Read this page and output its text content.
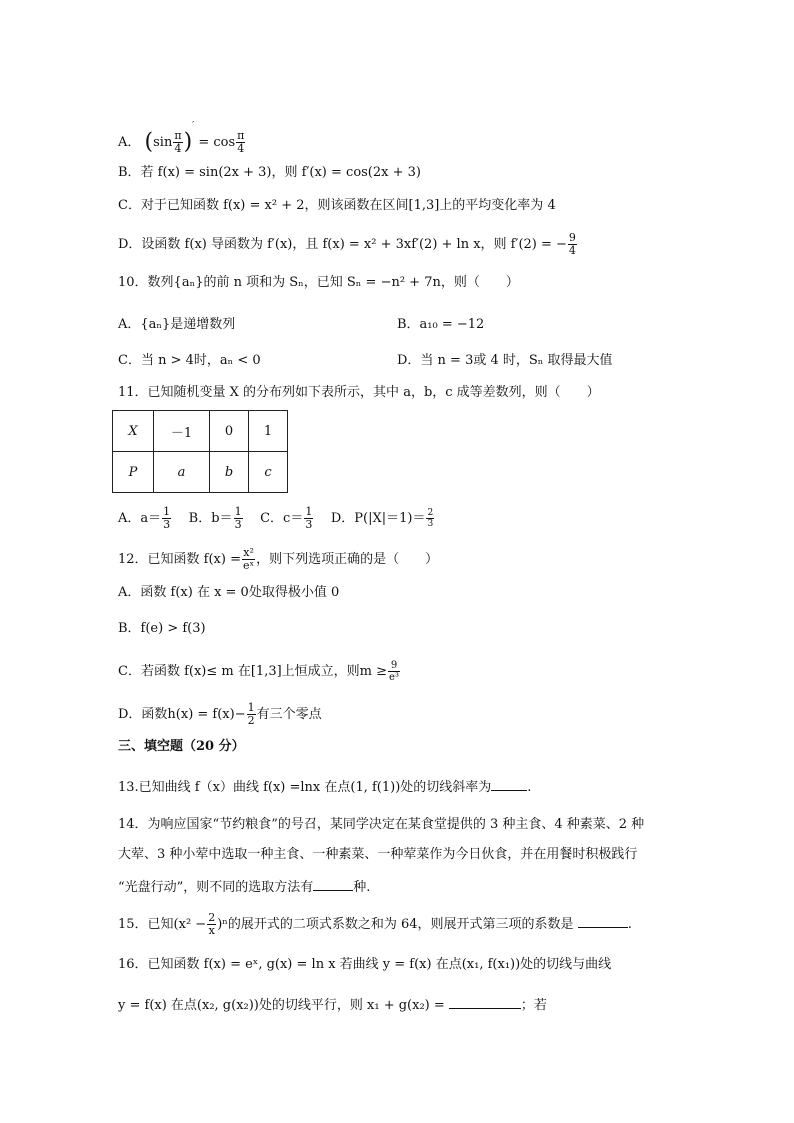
A． $(\sin \frac{\pi}{4} )' = \cos \frac{\pi}{4}$
B．若 f(x) = sin(2x + 3)，则 f′(x) = cos(2x + 3)
C．对于已知函数 f(x) = x² + 2，则该函数在区间[1,3]上的平均变化率为 4
D．设函数 f(x) 导函数为 f′(x)，且 f(x) = x² + 3xf′(2) + ln x，则 f′(2) = − $\frac{9}{4}$
10．数列{aₙ}的前 n 项和为 Sₙ，已知 Sₙ = −n² + 7n，则（　　）
A．{aₙ}是递增数列	B．a₁₀ = −12
C．当 n > 4时，aₙ < 0	D．当 n = 3或 4 时，Sₙ 取得最大值
11．已知随机变量 X 的分布列如下表所示，其中 a，b，c 成等差数列，则（　　）
X	－1	0	1
P	a	b	c
A．$a= \frac{1}{3}$ B．$b= \frac{1}{3}$ C．$c= \frac{1}{3}$ D．$P(|X|=1)= \frac{2}{3}$
12．已知函数 $f(x) = \frac{\text{x²}}{\text{eˣ}}$ ，则下列选项正确的是（　　）
A．函数 f(x) 在 x = 0处取得极小值 0
B．f(e) > f(3)
C．若函数 f(x)≤ m 在[1,3]上恒成立，则$m \ge \frac{9}{\text{e³}}$
D．函数$h(x) = f(x)- \frac{1}{2}$ 有三个零点
三、填空题（20 分）
13.已知曲线 f（x）曲线 f(x) =lnx 在点(1, f(1))处的切线斜率为	.
14．为响应国家“节约粮食”的号召，某同学决定在某食堂提供的 3 种主食、4 种素菜、2 种
大荤、3 种小荤中选取一种主食、一种素菜、一种荤菜作为今日伙食，并在用餐时积极践行
“光盘行动”，则不同的选取方法有	种.
15．已知$(x^2 - \frac{2}{x} )^n$的展开式的二项式系数之和为 64，则展开式第三项的系数是	.
16．已知函数 f(x) = eˣ, g(x) = ln x 若曲线 y = f(x) 在点(x₁, f(x₁))处的切线与曲线
y = f(x) 在点(x₂, g(x₂))处的切线平行，则 x₁ + g(x₂) =	；若
